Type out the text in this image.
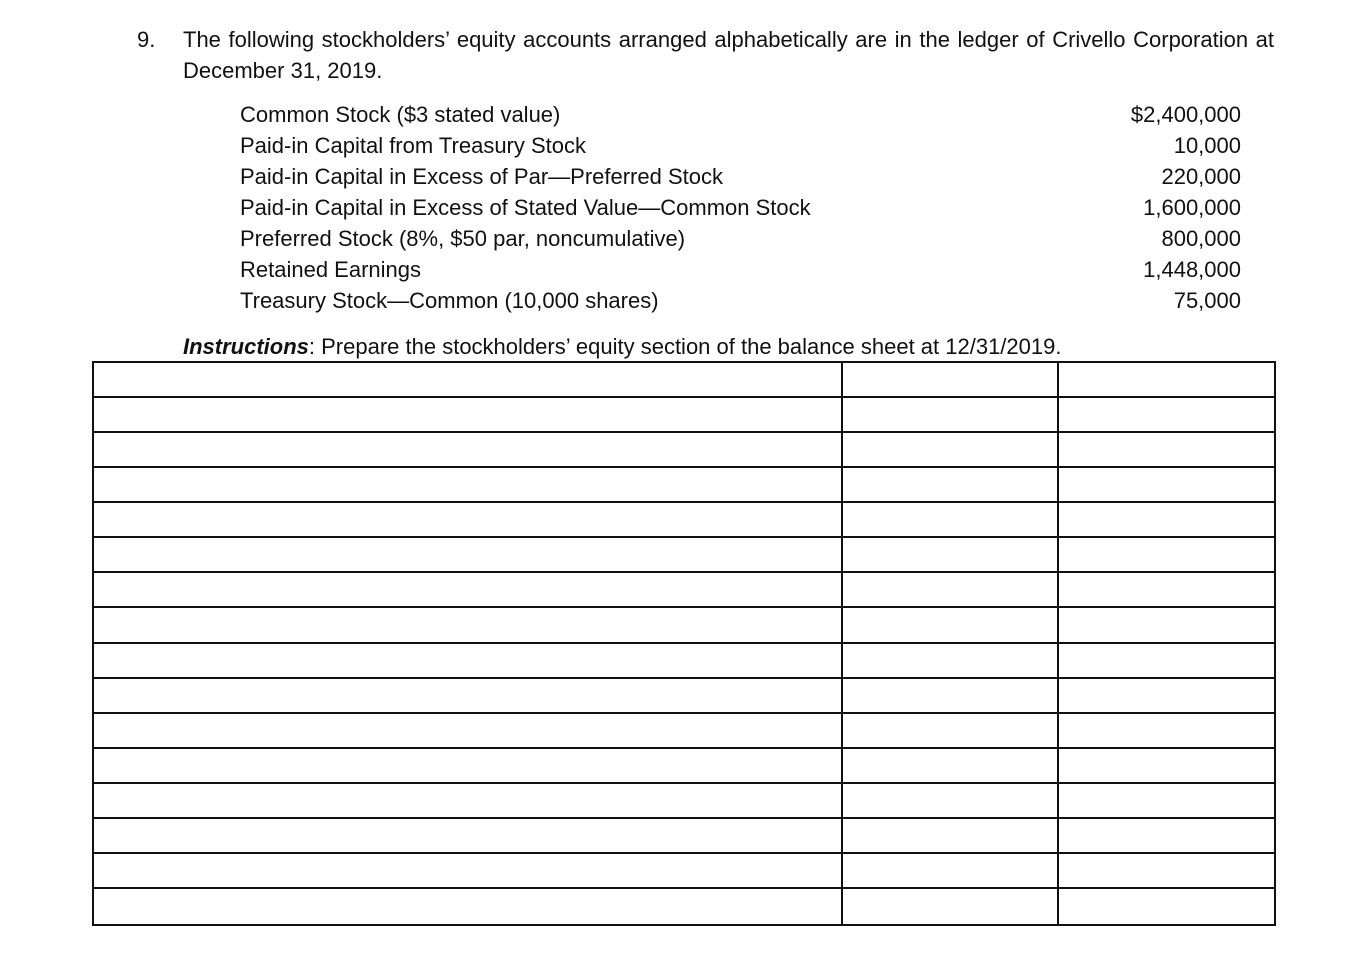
9. The following stockholders’ equity accounts arranged alphabetically are in the ledger of Crivello Corporation at December 31, 2019.
Common Stock ($3 stated value)	$2,400,000
Paid-in Capital from Treasury Stock	10,000
Paid-in Capital in Excess of Par—Preferred Stock	220,000
Paid-in Capital in Excess of Stated Value—Common Stock	1,600,000
Preferred Stock (8%, $50 par, noncumulative)	800,000
Retained Earnings	1,448,000
Treasury Stock—Common (10,000 shares)	75,000
Instructions: Prepare the stockholders’ equity section of the balance sheet at 12/31/2019.
